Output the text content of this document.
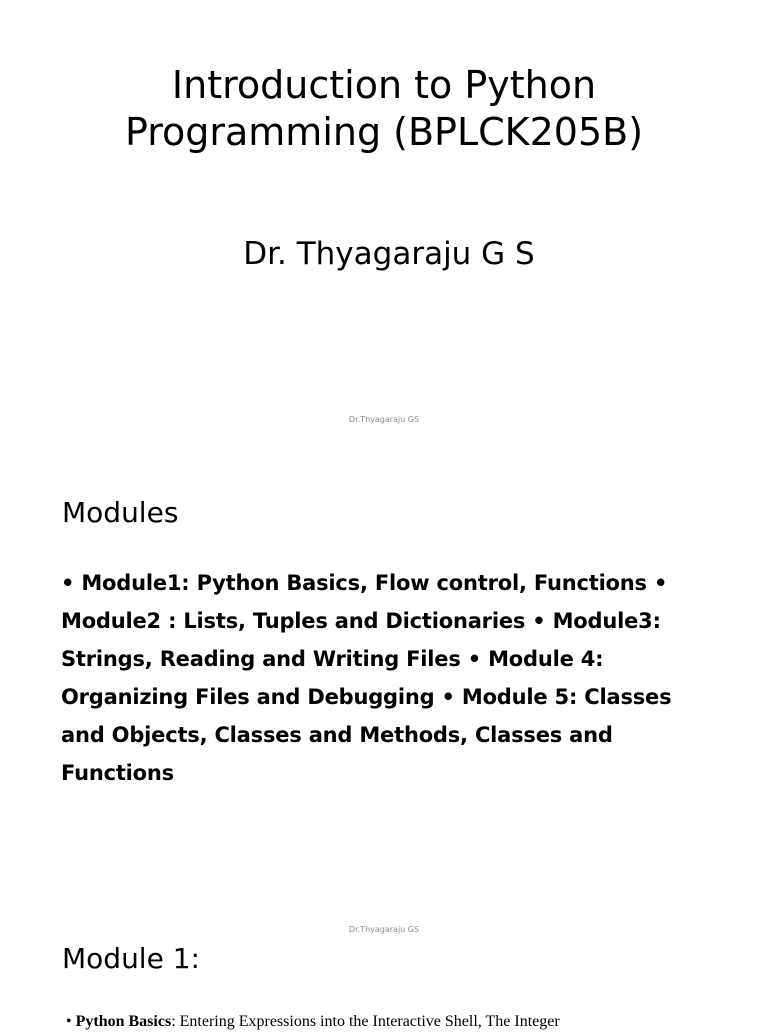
Introduction to Python
Programming (BPLCK205B)

Dr. Thyagaraju G S

Dr.Thyagaraju GS
Modules

• Module1: Python Basics, Flow control, Functions • Module2 : Lists, Tuples and Dictionaries • Module3: Strings, Reading and Writing Files • Module 4: Organizing Files and Debugging • Module 5: Classes and Objects, Classes and Methods, Classes and Functions

Dr.Thyagaraju GS
Module 1:
• Python Basics: Entering Expressions into the Interactive Shell, The Integer
